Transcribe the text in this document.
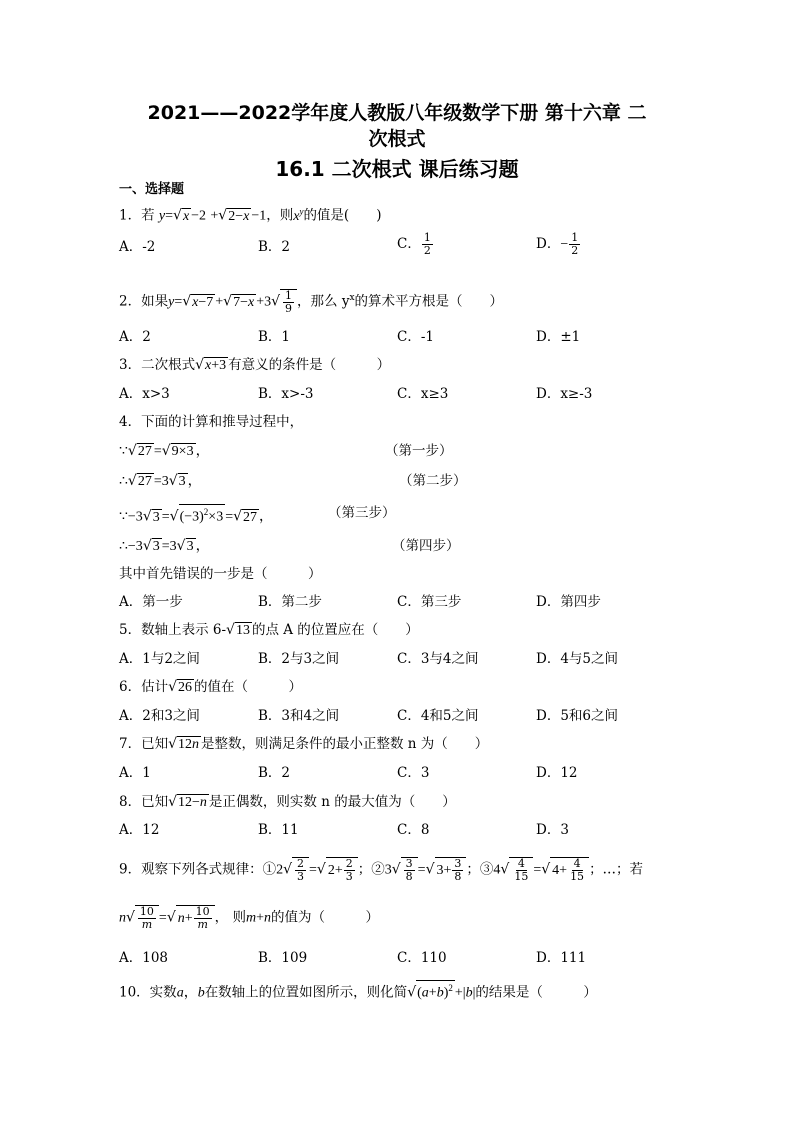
2021——2022学年度人教版八年级数学下册 第十六章 二
次根式
16.1 二次根式 课后练习题
一、选择题
1．若 y=√x −2 +√2−x −1，则$x^y$的值是(　　)
A．-2	B．2	C． $\frac{1}{2}$	D．− $\frac{1}{2}$
2．如果$y=√x-7 +√7-x +3√ \frac{1}{9}$ ，那么 $y^x$的算术平方根是（　　）
A．2	B．1	C．-1	D．±1
3．二次根式√x+3 有意义的条件是（　　　）
A．x>3	B．x>-3	C．x≥3	D．x≥-3
4．下面的计算和推导过程中，
∵√27 =√9×3 ，	（第一步）
∴√27 =3√3 ，	（第二步）
∵−3√3 $=√(-3)^2\times 3 =√27$ ，	（第三步）
∴−3√3 =3√3 ，	（第四步）
其中首先错误的一步是（　　　）
A．第一步	B．第二步	C．第三步	D．第四步
5．数轴上表示 6-√13 的点 A 的位置应在（　　）
A．1与2之间	B．2与3之间	C．3与4之间	D．4与5之间
6．估计√26 的值在（　　　）
A．2和3之间	B．3和4之间	C．4和5之间	D．5和6之间
7．已知√12n 是整数，则满足条件的最小正整数 n 为（　　）
A．1	B．2	C．3	D．12
8．已知√12−n 是正偶数，则实数 n 的最大值为（　　）
A．12	B．11	C．8	D．3
9．观察下列各式规律：①2√ $\frac{2}{3}$ =√ $2+ \frac{2}{3}$ ；②3√ $\frac{3}{8}$ =√ $3+ \frac{3}{8}$ ；③4√ $\frac{4}{15}$ =√ $4+ \frac{4}{15}$ ；…；若
$n√ \frac{10}{m}$ =√ $n+ \frac{10}{m}$ ， 则m+n的值为（　　　）
A．108	B．109	C．110	D．111
10．实数a，b在数轴上的位置如图所示，则化简$√(a+b)^2 +|b|$的结果是（　　　）
